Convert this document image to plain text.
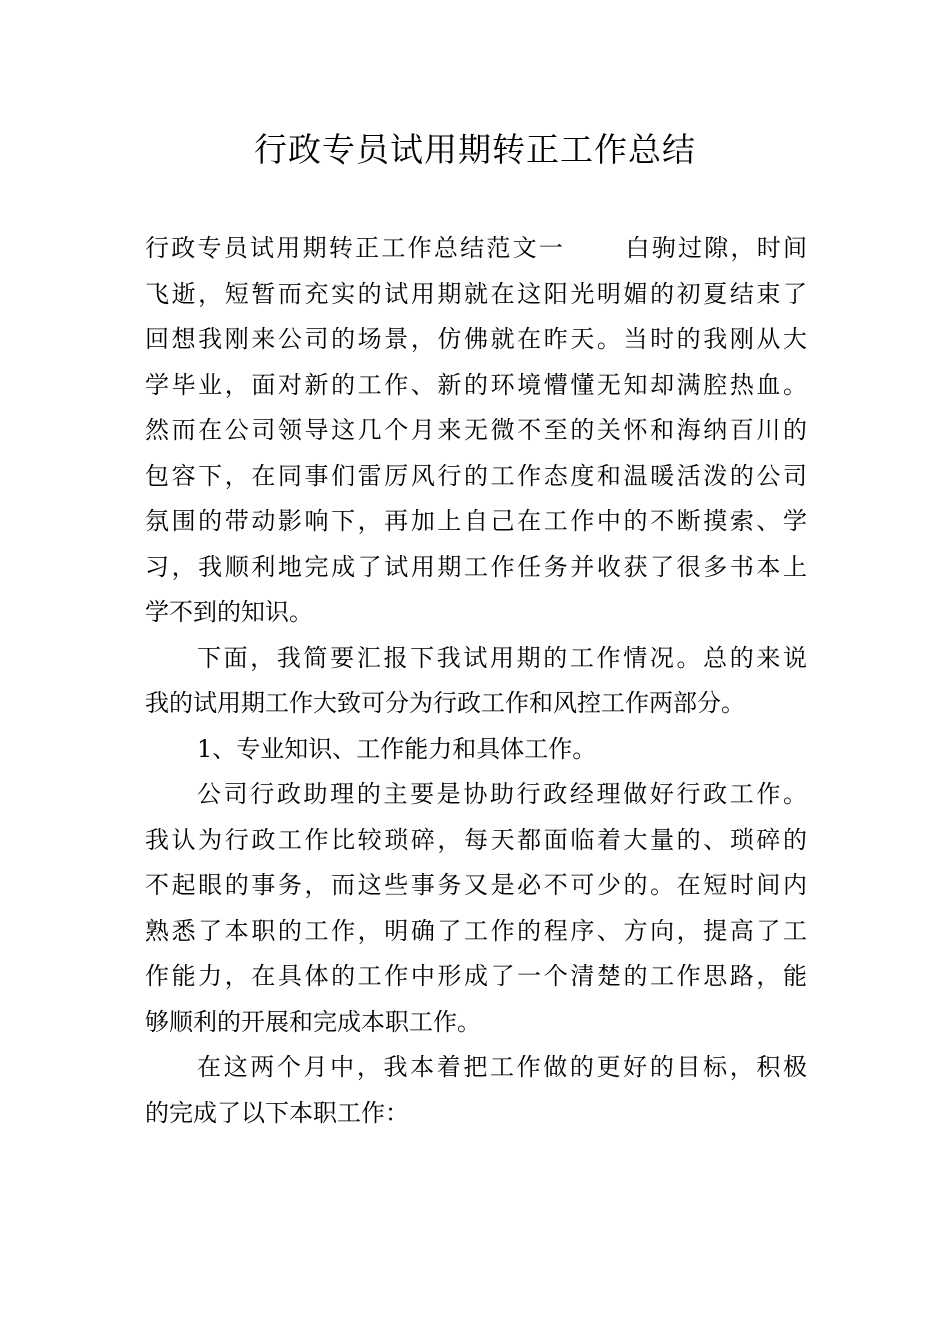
行政专员试用期转正工作总结

行政专员试用期转正工作总结范文一 白驹过隙，时间
飞逝，短暂而充实的试用期就在这阳光明媚的初夏结束了
回想我刚来公司的场景，仿佛就在昨天。当时的我刚从大
学毕业，面对新的工作、新的环境懵懂无知却满腔热血。
然而在公司领导这几个月来无微不至的关怀和海纳百川的
包容下，在同事们雷厉风行的工作态度和温暖活泼的公司
氛围的带动影响下，再加上自己在工作中的不断摸索、学
习，我顺利地完成了试用期工作任务并收获了很多书本上
学不到的知识。

下面，我简要汇报下我试用期的工作情况。总的来说
我的试用期工作大致可分为行政工作和风控工作两部分。

1、专业知识、工作能力和具体工作。

公司行政助理的主要是协助行政经理做好行政工作。
我认为行政工作比较琐碎，每天都面临着大量的、琐碎的
不起眼的事务，而这些事务又是必不可少的。在短时间内
熟悉了本职的工作，明确了工作的程序、方向，提高了工
作能力，在具体的工作中形成了一个清楚的工作思路，能
够顺利的开展和完成本职工作。

在这两个月中，我本着把工作做的更好的目标，积极
的完成了以下本职工作：
